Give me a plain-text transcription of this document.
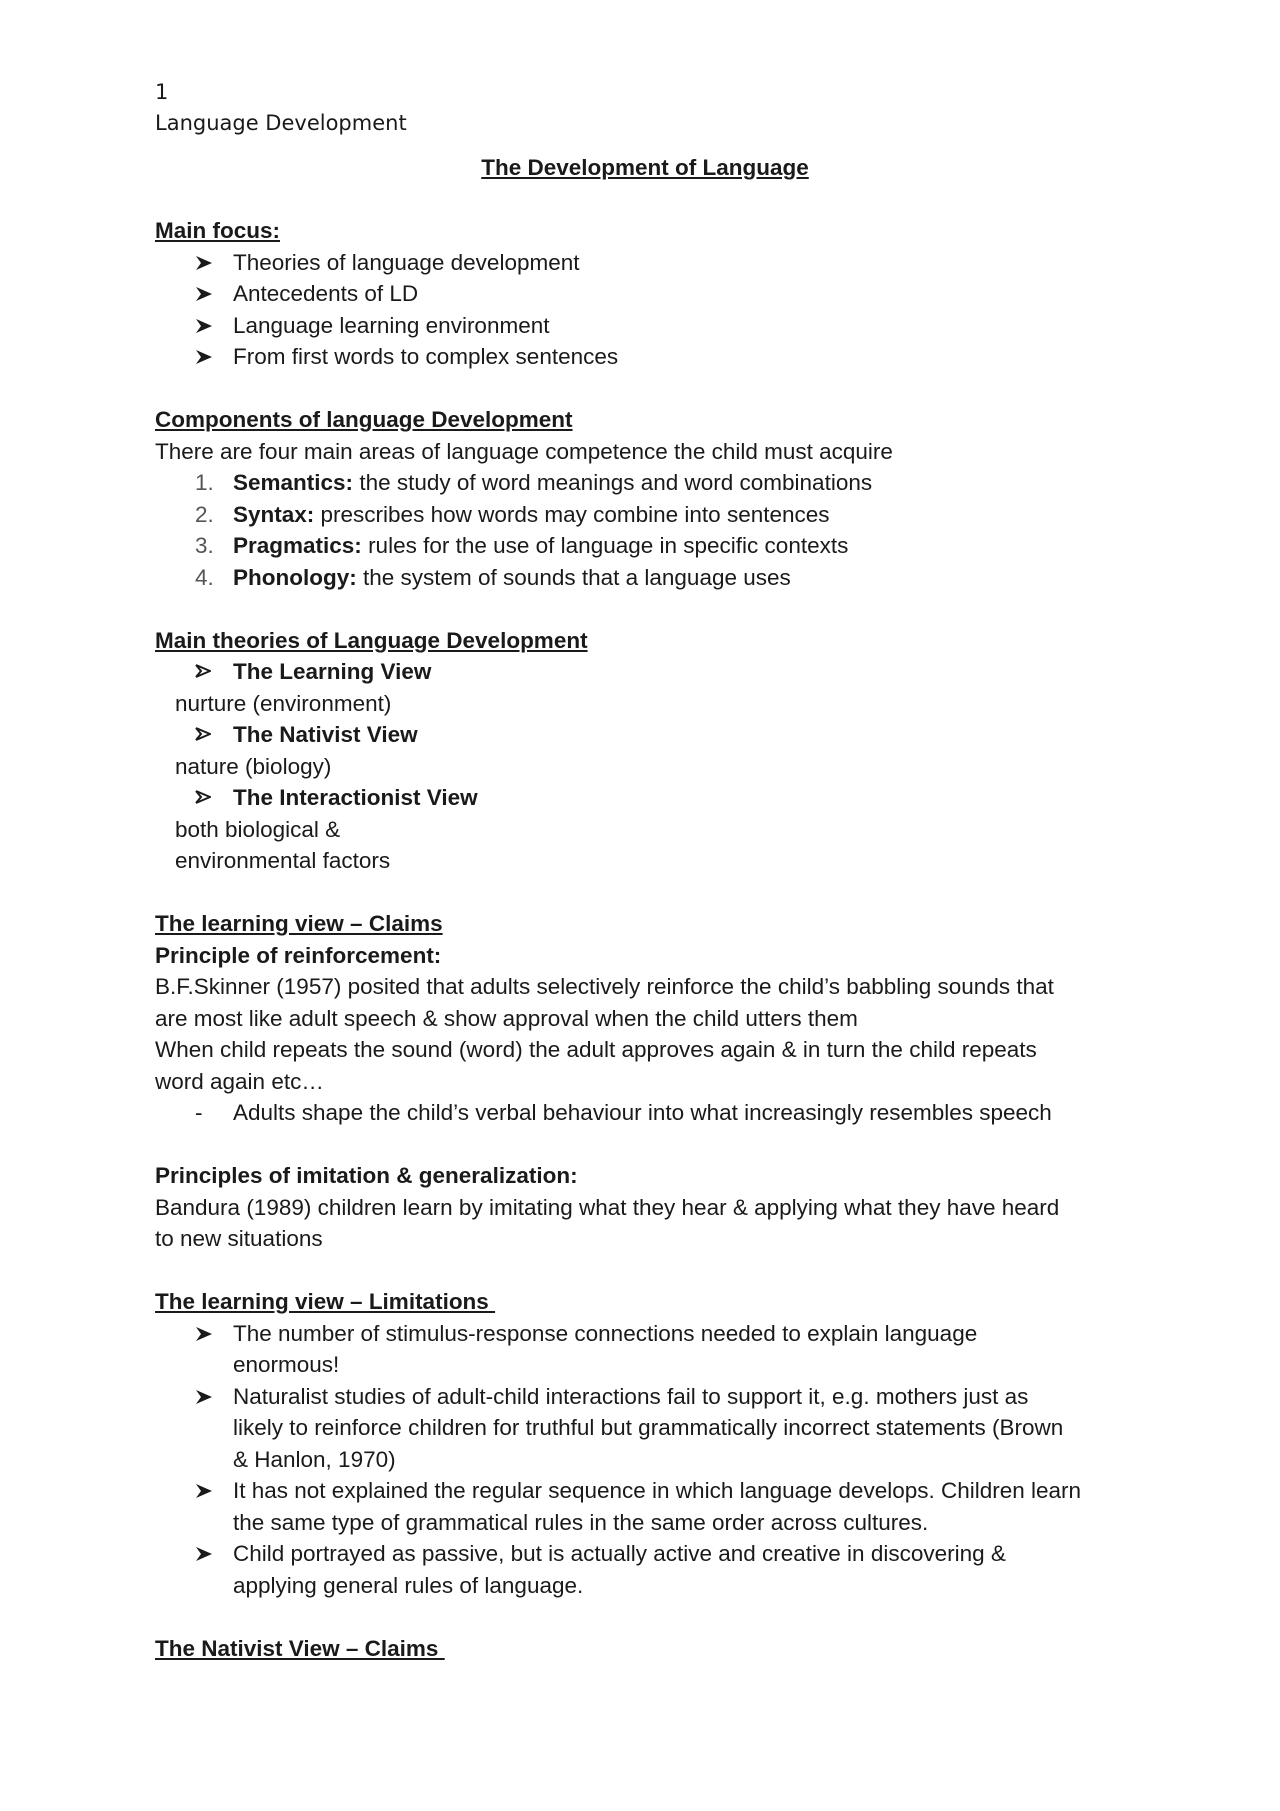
1
Language Development
The Development of Language
Main focus:
Theories of language development
Antecedents of LD
Language learning environment
From first words to complex sentences
Components of language Development
There are four main areas of language competence the child must acquire
1. Semantics: the study of word meanings and word combinations
2. Syntax: prescribes how words may combine into sentences
3. Pragmatics: rules for the use of language in specific contexts
4. Phonology: the system of sounds that a language uses
Main theories of Language Development
The Learning View
nurture (environment)
The Nativist View
nature (biology)
The Interactionist View
both biological &
environmental factors
The learning view – Claims
Principle of reinforcement:
B.F.Skinner (1957) posited that adults selectively reinforce the child’s babbling sounds that
are most like adult speech & show approval when the child utters them
When child repeats the sound (word) the adult approves again & in turn the child repeats
word again etc…
-	Adults shape the child’s verbal behaviour into what increasingly resembles speech
Principles of imitation & generalization:
Bandura (1989) children learn by imitating what they hear & applying what they have heard
to new situations
The learning view – Limitations
The number of stimulus-response connections needed to explain language
enormous!
Naturalist studies of adult-child interactions fail to support it, e.g. mothers just as
likely to reinforce children for truthful but grammatically incorrect statements (Brown
& Hanlon, 1970)
It has not explained the regular sequence in which language develops. Children learn
the same type of grammatical rules in the same order across cultures.
Child portrayed as passive, but is actually active and creative in discovering &
applying general rules of language.
The Nativist View – Claims
